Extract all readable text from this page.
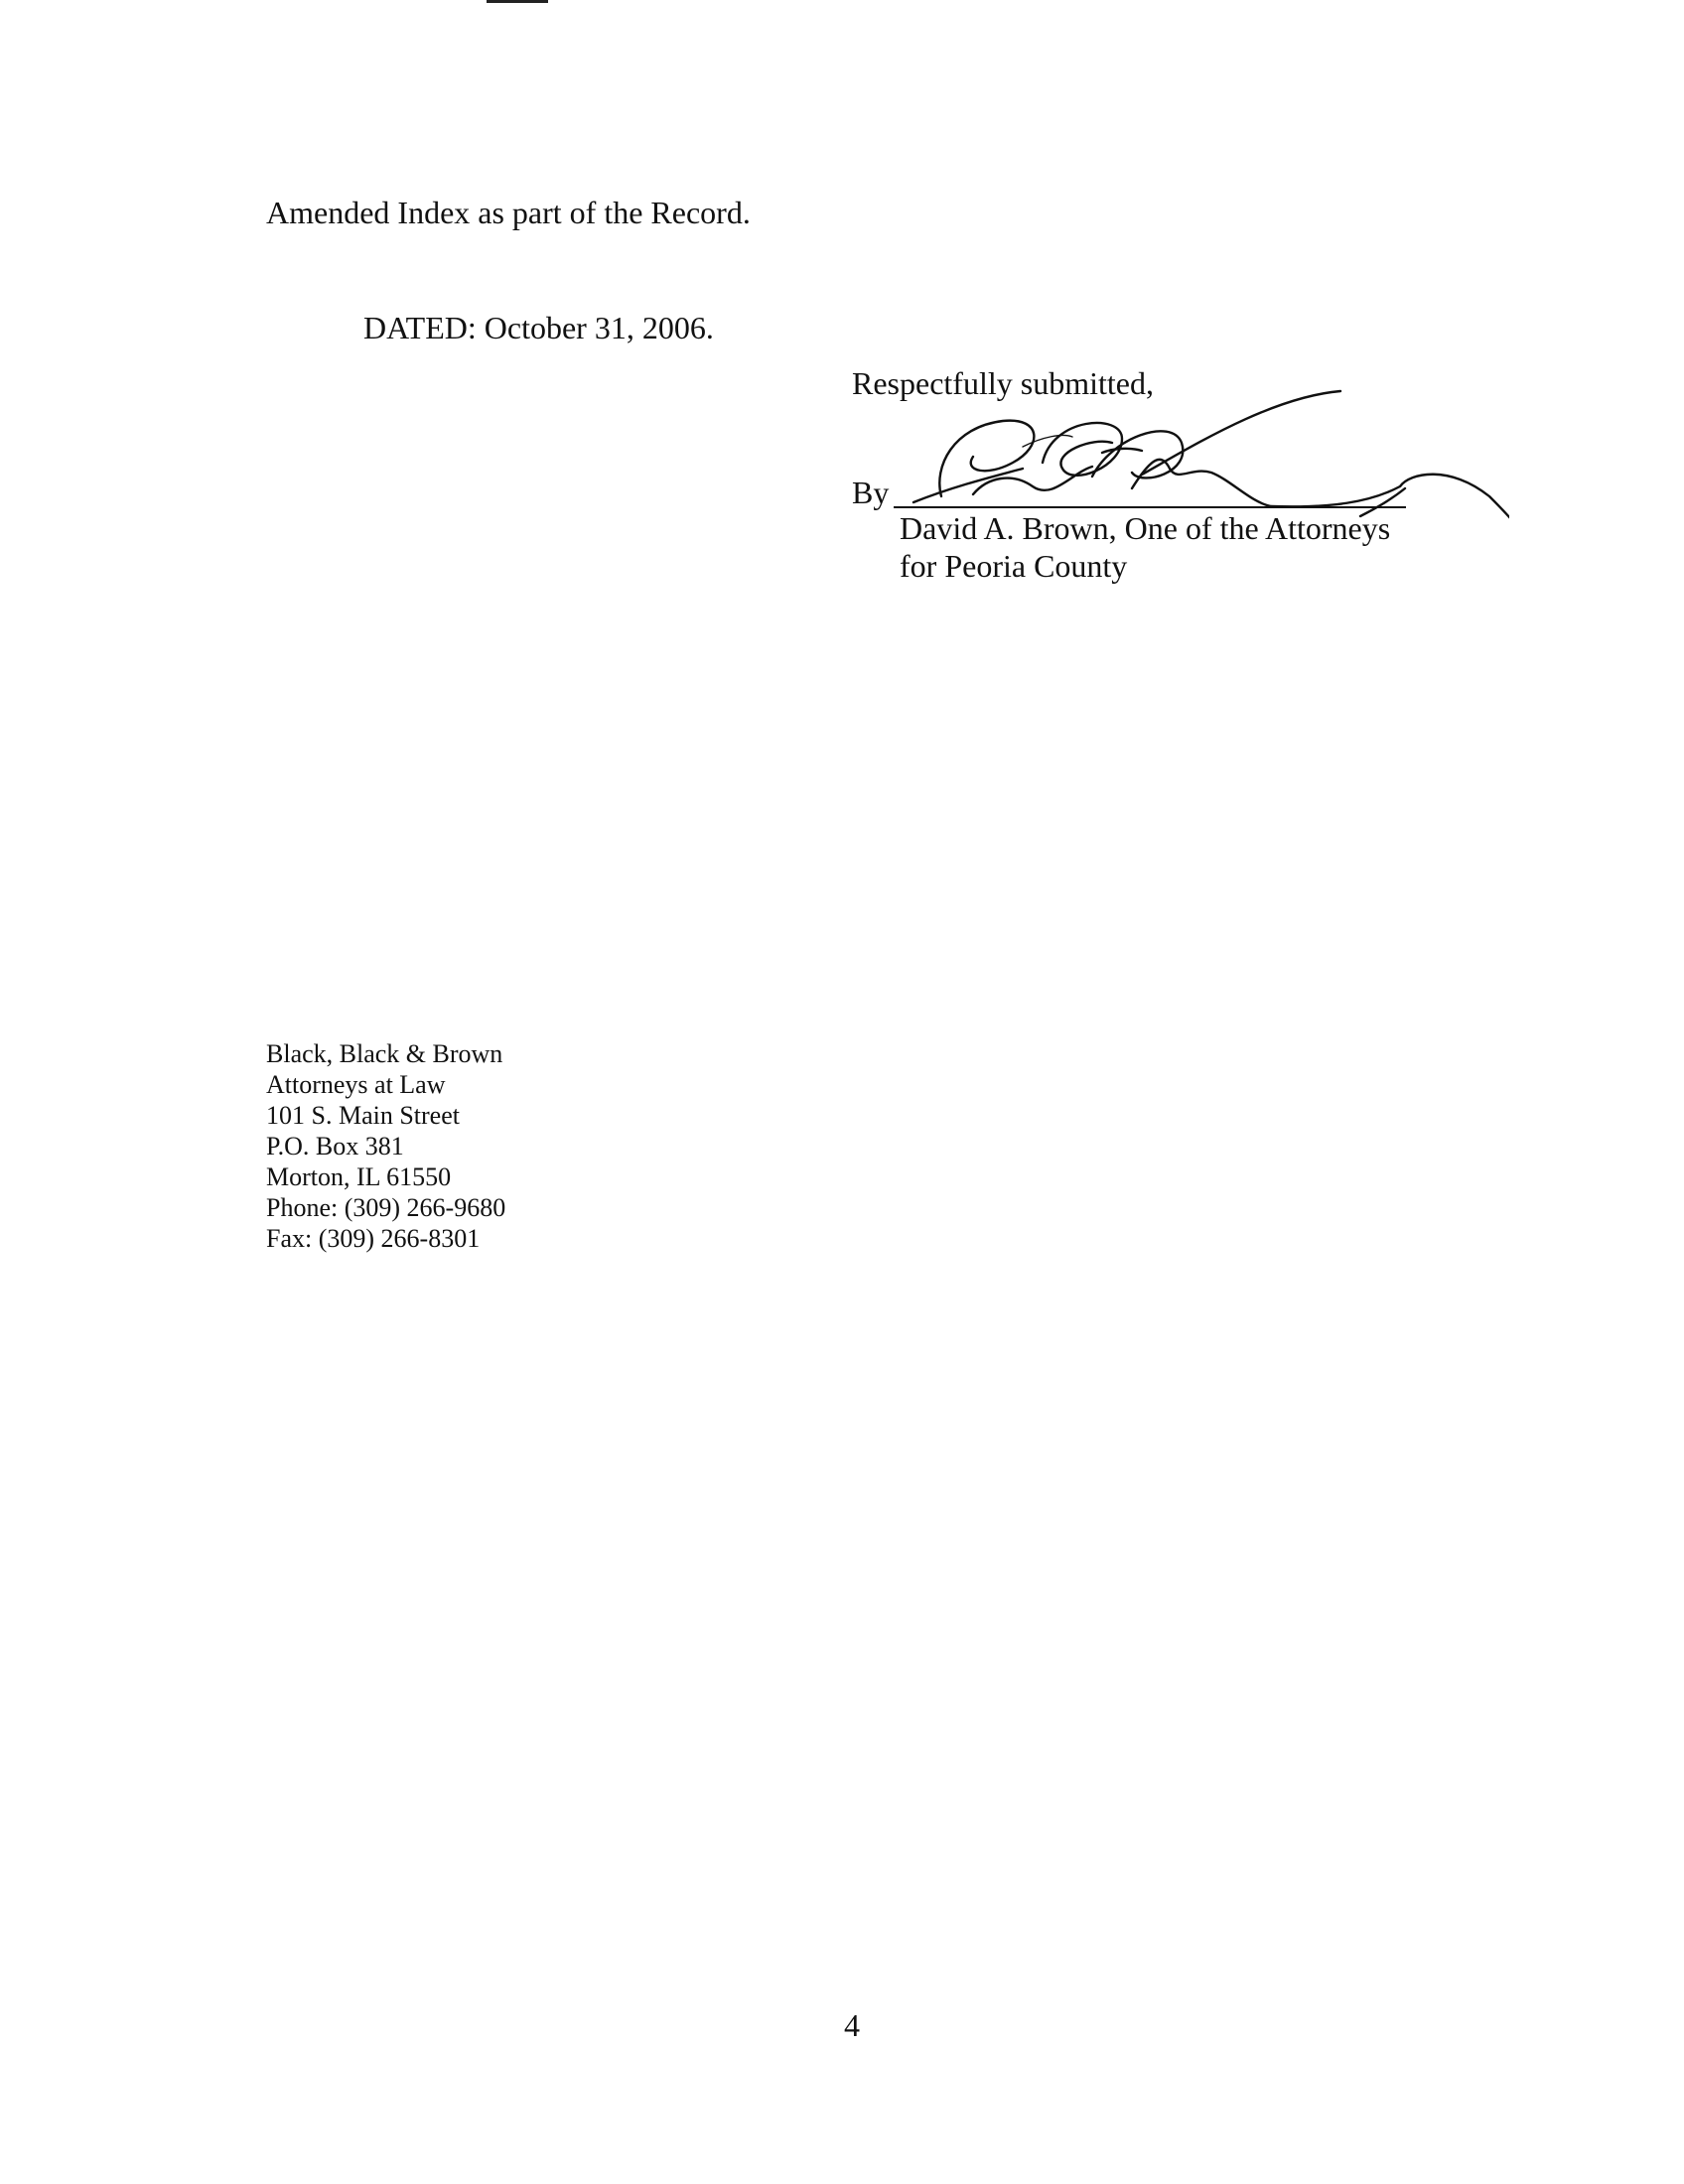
Amended Index as part of the Record.
DATED: October 31, 2006.
Respectfully submitted,
By
David A. Brown, One of the Attorneys
for Peoria County
Black, Black & Brown
Attorneys at Law
101 S. Main Street
P.O. Box 381
Morton, IL 61550
Phone: (309) 266-9680
Fax: (309) 266-8301
4
